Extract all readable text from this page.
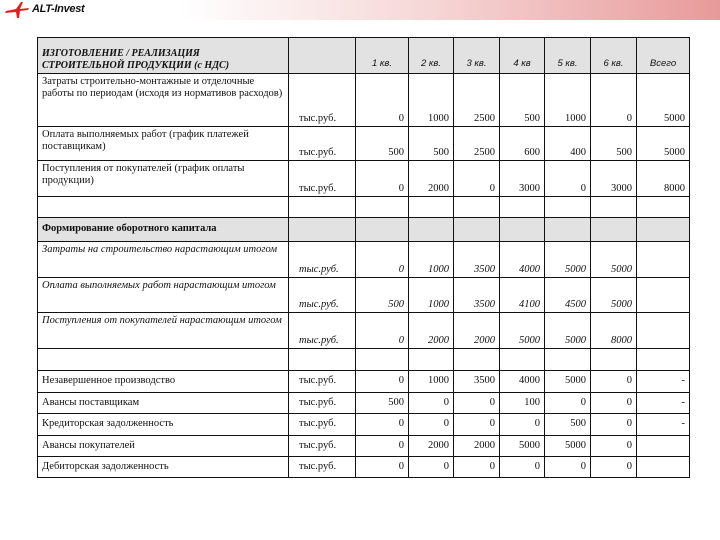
ALT-Invest
ИЗГОТОВЛЕНИЕ / РЕАЛИЗАЦИЯ СТРОИТЕЛЬНОЙ ПРОДУКЦИИ (с НДС)		1 кв.	2 кв.	3 кв.	4 кв	5 кв.	6 кв.	Всего
Затраты строительно-монтажные и отделочные работы по периодам (исходя из нормативов расходов)	тыс.руб.	0	1000	2500	500	1000	0	5000
Оплата выполняемых работ (график платежей поставщикам)	тыс.руб.	500	500	2500	600	400	500	5000
Поступления от покупателей (график оплаты продукции)	тыс.руб.	0	2000	0	3000	0	3000	8000

Формирование оборотного капитала								
Затраты на строительство нарастающим итогом	тыс.руб.	0	1000	3500	4000	5000	5000	
Оплата выполняемых работ нарастающим итогом	тыс.руб.	500	1000	3500	4100	4500	5000	
Поступления от покупателей нарастающим итогом	тыс.руб.	0	2000	2000	5000	5000	8000	

Незавершенное производство	тыс.руб.	0	1000	3500	4000	5000	0	-
Авансы поставщикам	тыс.руб.	500	0	0	100	0	0	-
Кредиторская задолженность	тыс.руб.	0	0	0	0	500	0	-
Авансы покупателей	тыс.руб.	0	2000	2000	5000	5000	0	
Дебиторская задолженность	тыс.руб.	0	0	0	0	0	0	
